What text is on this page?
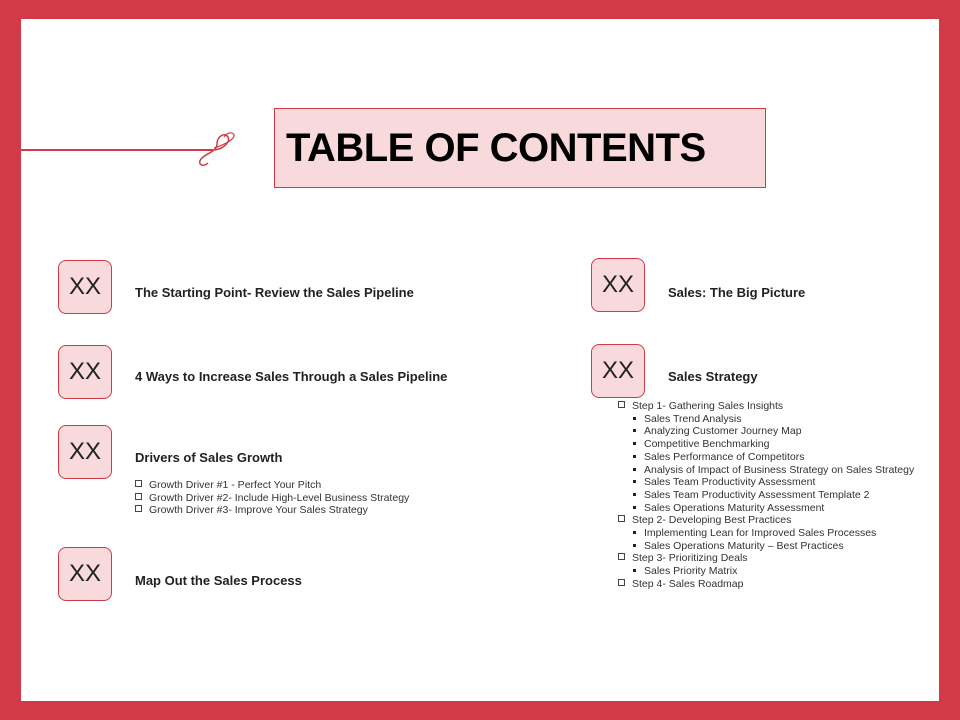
TABLE OF CONTENTS
XX	The Starting Point- Review the Sales Pipeline
XX	4 Ways to Increase Sales Through a Sales Pipeline
XX	Drivers of Sales Growth
Growth Driver #1 - Perfect Your Pitch
Growth Driver #2- Include High-Level Business Strategy
Growth Driver #3- Improve Your Sales Strategy
XX	Map Out the Sales Process
XX	Sales: The Big Picture
XX	Sales Strategy
Step 1- Gathering Sales Insights
Sales Trend Analysis
Analyzing Customer Journey Map
Competitive Benchmarking
Sales Performance of Competitors
Analysis of Impact of Business Strategy on Sales Strategy
Sales Team Productivity Assessment
Sales Team Productivity Assessment Template 2
Sales Operations Maturity Assessment
Step 2- Developing Best Practices
Implementing Lean for Improved Sales Processes
Sales Operations Maturity – Best Practices
Step 3- Prioritizing Deals
Sales Priority Matrix
Step 4- Sales Roadmap
